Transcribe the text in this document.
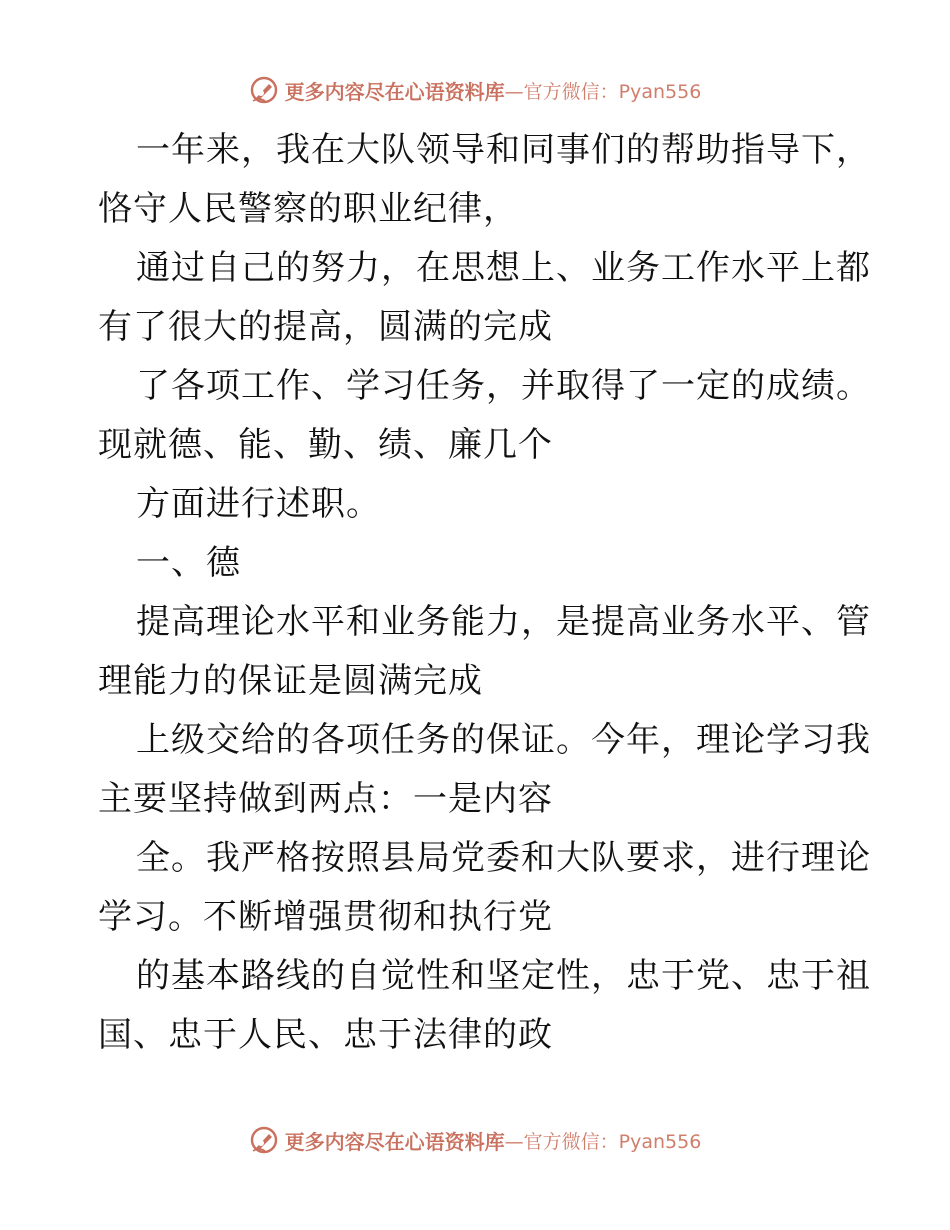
更多内容尽在心语资料库 —官方微信：Pyan556
一年来，我在大队领导和同事们的帮助指导下，
恪守人民警察的职业纪律，
通过自己的努力，在思想上、业务工作水平上都
有了很大的提高，圆满的完成
了各项工作、学习任务，并取得了一定的成绩。
现就德、能、勤、绩、廉几个
方面进行述职。
一、德
提高理论水平和业务能力，是提高业务水平、管
理能力的保证是圆满完成
上级交给的各项任务的保证。今年，理论学习我
主要坚持做到两点：一是内容
全。我严格按照县局党委和大队要求，进行理论
学习。不断增强贯彻和执行党
的基本路线的自觉性和坚定性，忠于党、忠于祖
国、忠于人民、忠于法律的政
更多内容尽在心语资料库 —官方微信：Pyan556
